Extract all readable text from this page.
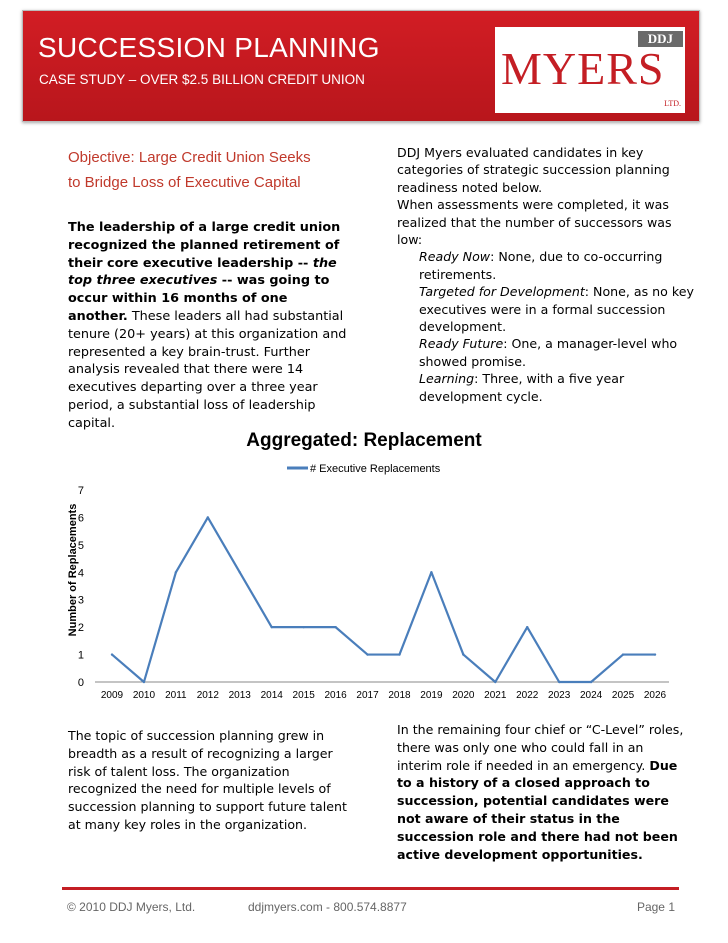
SUCCESSION PLANNING
CASE STUDY – OVER $2.5 BILLION CREDIT UNION
DDJ
MYERS
LTD.
Objective: Large Credit Union Seeks
to Bridge Loss of Executive Capital
The leadership of a large credit union recognized the planned retirement of their core executive leadership -- the top three executives -- was going to occur within 16 months of one another. These leaders all had substantial tenure (20+ years) at this organization and represented a key brain-trust. Further analysis revealed that there were 14 executives departing over a three year period, a substantial loss of leadership capital.
DDJ Myers evaluated candidates in key categories of strategic succession planning readiness noted below.
When assessments were completed, it was realized that the number of successors was low:
Ready Now: None, due to co-occurring retirements.
Targeted for Development: None, as no key executives were in a formal succession development.
Ready Future: One, a manager-level who showed promise.
Learning: Three, with a five year development cycle.
Aggregated: Replacement
# Executive Replacements
Number of Replacements
0
1
2
3
4
5
6
7
2009 2010 2011 2012 2013 2014 2015 2016 2017 2018 2019 2020 2021 2022 2023 2024 2025 2026
The topic of succession planning grew in breadth as a result of recognizing a larger risk of talent loss. The organization recognized the need for multiple levels of succession planning to support future talent at many key roles in the organization.
In the remaining four chief or “C-Level” roles, there was only one who could fall in an interim role if needed in an emergency. Due to a history of a closed approach to succession, potential candidates were not aware of their status in the succession role and there had not been active development opportunities.
© 2010 DDJ Myers, Ltd.	ddjmyers.com - 800.574.8877	Page 1
